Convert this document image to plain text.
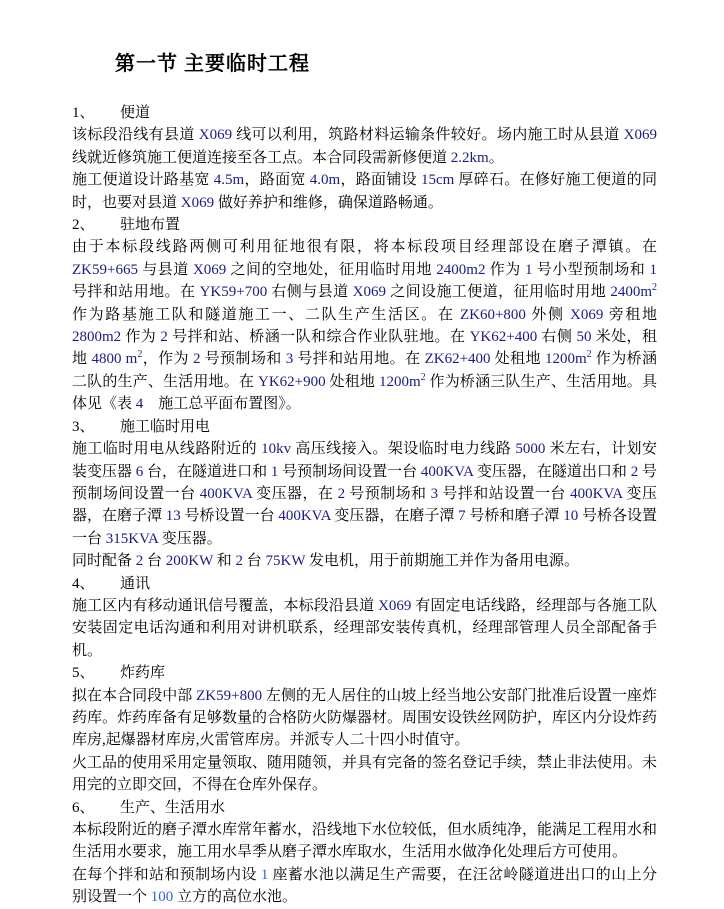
第一节 主要临时工程
1、 便道
该标段沿线有县道 X069 线可以利用，筑路材料运输条件较好。场内施工时从县道 X069 线就近修筑施工便道连接至各工点。本合同段需新修便道 2.2km。
施工便道设计路基宽 4.5m，路面宽 4.0m，路面铺设 15cm 厚碎石。在修好施工便道的同时，也要对县道 X069 做好养护和维修，确保道路畅通。
2、 驻地布置
由于本标段线路两侧可利用征地很有限，将本标段项目经理部设在磨子潭镇。在 ZK59+665 与县道 X069 之间的空地处，征用临时用地 2400m2 作为 1 号小型预制场和 1 号拌和站用地。在 YK59+700 右侧与县道 X069 之间设施工便道，征用临时用地 $2400m^2$ 作为路基施工队和隧道施工一、二队生产生活区。在 ZK60+800 外侧 X069 旁租地 2800m2 作为 2 号拌和站、桥涵一队和综合作业队驻地。在 YK62+400 右侧 50 米处，租地 4800 $m^2$，作为 2 号预制场和 3 号拌和站用地。在 ZK62+400 处租地 $1200m^2$ 作为桥涵二队的生产、生活用地。在 YK62+900 处租地 $1200m^2$ 作为桥涵三队生产、生活用地。具体见《表 4　施工总平面布置图》。
3、 施工临时用电
施工临时用电从线路附近的 10kv 高压线接入。架设临时电力线路 5000 米左右，计划安装变压器 6 台，在隧道进口和 1 号预制场间设置一台 400KVA 变压器，在隧道出口和 2 号预制场间设置一台 400KVA 变压器，在 2 号预制场和 3 号拌和站设置一台 400KVA 变压器，在磨子潭 13 号桥设置一台 400KVA 变压器，在磨子潭 7 号桥和磨子潭 10 号桥各设置一台 315KVA 变压器。
同时配备 2 台 200KW 和 2 台 75KW 发电机，用于前期施工并作为备用电源。
4、 通讯
施工区内有移动通讯信号覆盖，本标段沿县道 X069 有固定电话线路，经理部与各施工队安装固定电话沟通和利用对讲机联系，经理部安装传真机，经理部管理人员全部配备手机。
5、 炸药库
拟在本合同段中部 ZK59+800 左侧的无人居住的山坡上经当地公安部门批准后设置一座炸药库。炸药库备有足够数量的合格防火防爆器材。周围安设铁丝网防护，库区内分设炸药库房,起爆器材库房,火雷管库房。并派专人二十四小时值守。
火工品的使用采用定量领取、随用随领，并具有完备的签名登记手续，禁止非法使用。未用完的立即交回，不得在仓库外保存。
6、 生产、生活用水
本标段附近的磨子潭水库常年蓄水，沿线地下水位较低，但水质纯净，能满足工程用水和生活用水要求，施工用水旱季从磨子潭水库取水，生活用水做净化处理后方可使用。
在每个拌和站和预制场内设 1 座蓄水池以满足生产需要，在汪岔岭隧道进出口的山上分别设置一个 100 立方的高位水池。
